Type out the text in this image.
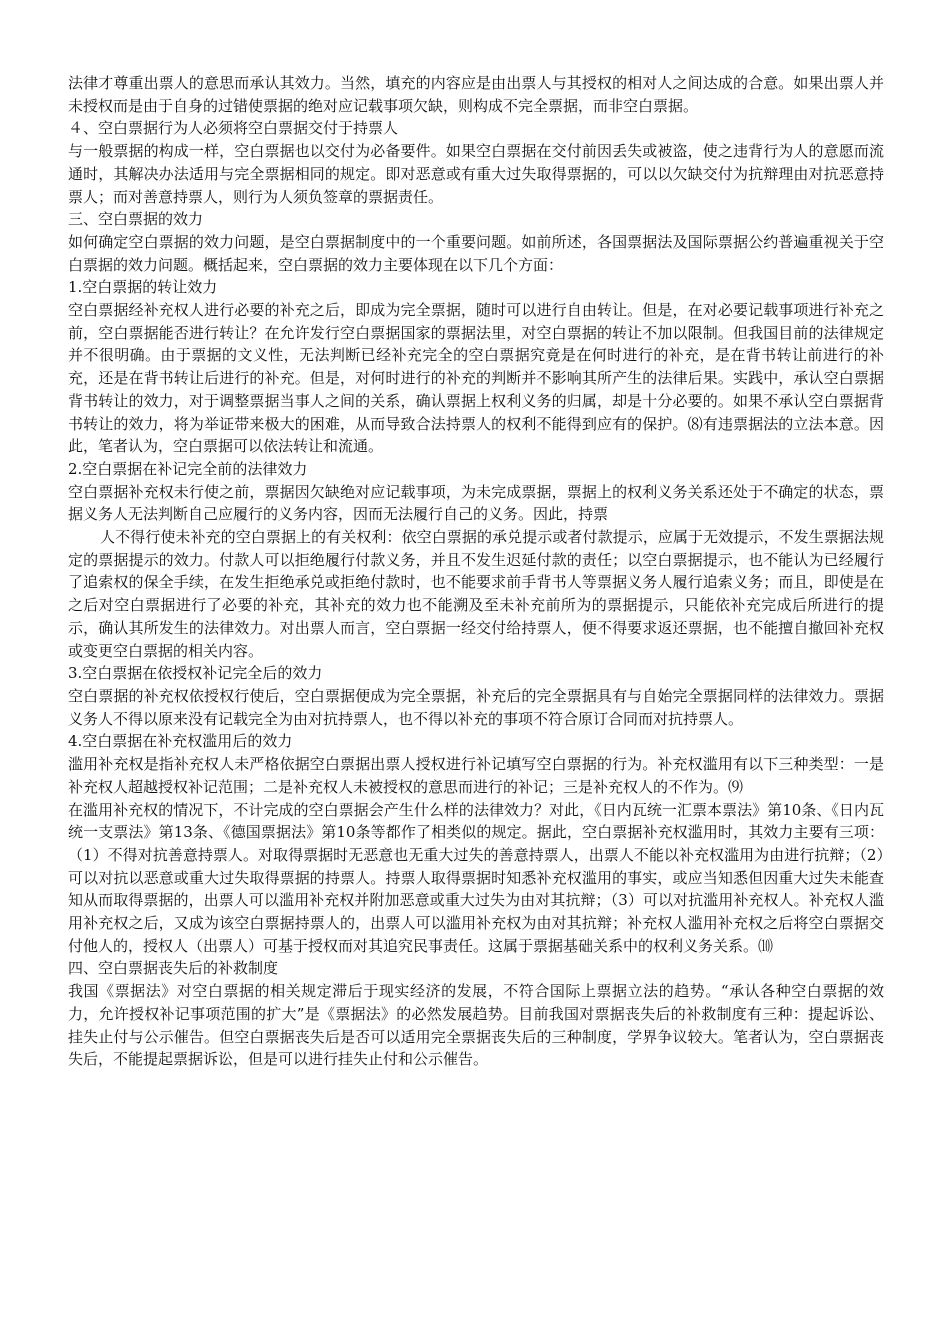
法律才尊重出票人的意思而承认其效力。当然，填充的内容应是由出票人与其授权的相对人之间达成的合意。如果出票人并未授权而是由于自身的过错使票据的绝对应记载事项欠缺，则构成不完全票据，而非空白票据。

４、空白票据行为人必须将空白票据交付于持票人

与一般票据的构成一样，空白票据也以交付为必备要件。如果空白票据在交付前因丢失或被盗，使之违背行为人的意愿而流通时，其解决办法适用与完全票据相同的规定。即对恶意或有重大过失取得票据的，可以以欠缺交付为抗辩理由对抗恶意持票人；而对善意持票人，则行为人须负签章的票据责任。

三、空白票据的效力

如何确定空白票据的效力问题，是空白票据制度中的一个重要问题。如前所述，各国票据法及国际票据公约普遍重视关于空白票据的效力问题。概括起来，空白票据的效力主要体现在以下几个方面：

1.空白票据的转让效力

空白票据经补充权人进行必要的补充之后，即成为完全票据，随时可以进行自由转让。但是，在对必要记载事项进行补充之前，空白票据能否进行转让？在允许发行空白票据国家的票据法里，对空白票据的转让不加以限制。但我国目前的法律规定并不很明确。由于票据的文义性，无法判断已经补充完全的空白票据究竟是在何时进行的补充，是在背书转让前进行的补充，还是在背书转让后进行的补充。但是，对何时进行的补充的判断并不影响其所产生的法律后果。实践中，承认空白票据背书转让的效力，对于调整票据当事人之间的关系，确认票据上权利义务的归属，却是十分必要的。如果不承认空白票据背书转让的效力，将为举证带来极大的困难，从而导致合法持票人的权利不能得到应有的保护。⑻有违票据法的立法本意。因此，笔者认为，空白票据可以依法转让和流通。

2.空白票据在补记完全前的法律效力

空白票据补充权未行使之前，票据因欠缺绝对应记载事项，为未完成票据，票据上的权利义务关系还处于不确定的状态，票据义务人无法判断自己应履行的义务内容，因而无法履行自己的义务。因此，持票

人不得行使未补充的空白票据上的有关权利：依空白票据的承兑提示或者付款提示，应属于无效提示，不发生票据法规定的票据提示的效力。付款人可以拒绝履行付款义务，并且不发生迟延付款的责任；以空白票据提示，也不能认为已经履行了追索权的保全手续，在发生拒绝承兑或拒绝付款时，也不能要求前手背书人等票据义务人履行追索义务；而且，即使是在之后对空白票据进行了必要的补充，其补充的效力也不能溯及至未补充前所为的票据提示，只能依补充完成后所进行的提示，确认其所发生的法律效力。对出票人而言，空白票据一经交付给持票人，便不得要求返还票据，也不能擅自撤回补充权或变更空白票据的相关内容。

3.空白票据在依授权补记完全后的效力

空白票据的补充权依授权行使后，空白票据便成为完全票据，补充后的完全票据具有与自始完全票据同样的法律效力。票据义务人不得以原来没有记载完全为由对抗持票人，也不得以补充的事项不符合原订合同而对抗持票人。

4.空白票据在补充权滥用后的效力

滥用补充权是指补充权人未严格依据空白票据出票人授权进行补记填写空白票据的行为。补充权滥用有以下三种类型：一是补充权人超越授权补记范围；二是补充权人未被授权的意思而进行的补记；三是补充权人的不作为。⑼

在滥用补充权的情况下，不计完成的空白票据会产生什么样的法律效力？对此，《日内瓦统一汇票本票法》第10条、《日内瓦统一支票法》第13条、《德国票据法》第10条等都作了相类似的规定。据此，空白票据补充权滥用时，其效力主要有三项：（1）不得对抗善意持票人。对取得票据时无恶意也无重大过失的善意持票人，出票人不能以补充权滥用为由进行抗辩；（2）可以对抗以恶意或重大过失取得票据的持票人。持票人取得票据时知悉补充权滥用的事实，或应当知悉但因重大过失未能查知从而取得票据的，出票人可以滥用补充权并附加恶意或重大过失为由对其抗辩；（3）可以对抗滥用补充权人。补充权人滥用补充权之后，又成为该空白票据持票人的，出票人可以滥用补充权为由对其抗辩；补充权人滥用补充权之后将空白票据交付他人的，授权人（出票人）可基于授权而对其追究民事责任。这属于票据基础关系中的权利义务关系。⑽

四、空白票据丧失后的补救制度

我国《票据法》对空白票据的相关规定滞后于现实经济的发展，不符合国际上票据立法的趋势。“承认各种空白票据的效力，允许授权补记事项范围的扩大”是《票据法》的必然发展趋势。目前我国对票据丧失后的补救制度有三种：提起诉讼、挂失止付与公示催告。但空白票据丧失后是否可以适用完全票据丧失后的三种制度，学界争议较大。笔者认为，空白票据丧失后，不能提起票据诉讼，但是可以进行挂失止付和公示催告。
